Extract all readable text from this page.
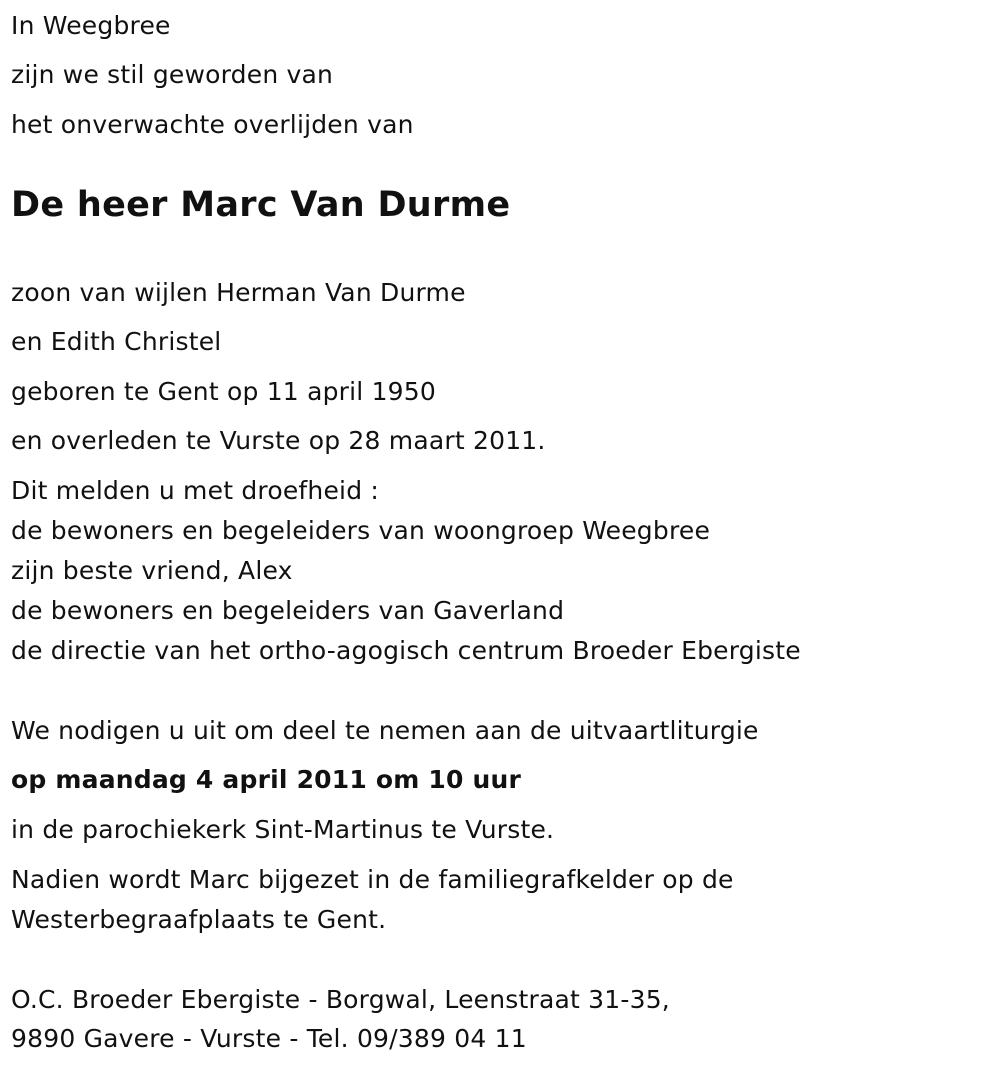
In Weegbree
zijn we stil geworden van
het onverwachte overlijden van
De heer Marc Van Durme
zoon van wijlen Herman Van Durme
en Edith Christel
geboren te Gent op 11 april 1950
en overleden te Vurste op 28 maart 2011.
Dit melden u met droefheid :
de bewoners en begeleiders van woongroep Weegbree
zijn beste vriend, Alex
de bewoners en begeleiders van Gaverland
de directie van het ortho-agogisch centrum Broeder Ebergiste
We nodigen u uit om deel te nemen aan de uitvaartliturgie
op maandag 4 april 2011 om 10 uur
in de parochiekerk Sint-Martinus te Vurste.
Nadien wordt Marc bijgezet in de familiegrafkelder op de
Westerbegraafplaats te Gent.
O.C. Broeder Ebergiste - Borgwal, Leenstraat 31-35,
9890 Gavere - Vurste - Tel. 09/389 04 11
